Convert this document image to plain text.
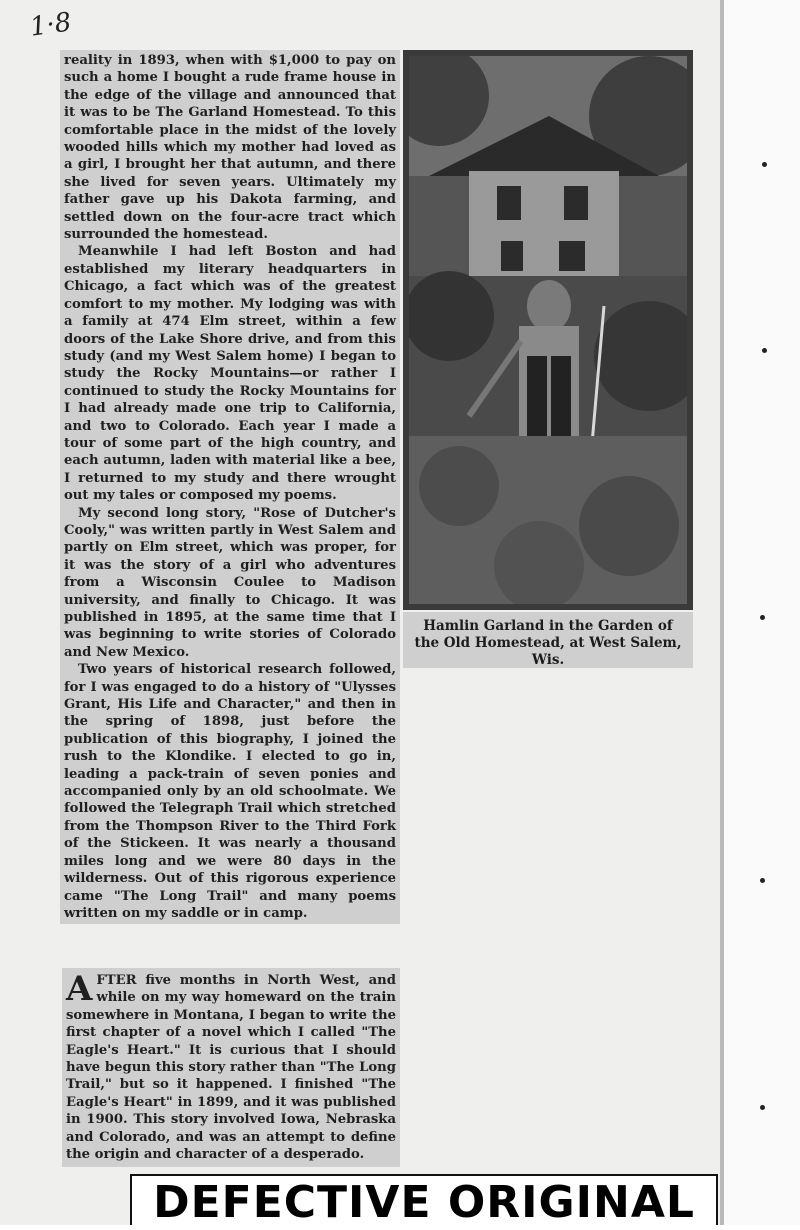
1·8

reality in 1893, when with $1,000 to pay on such a home I bought a rude frame house in the edge of the village and announced that it was to be The Garland Homestead. To this comfortable place in the midst of the lovely wooded hills which my mother had loved as a girl, I brought her that autumn, and there she lived for seven years. Ultimately my father gave up his Dakota farming, and settled down on the four-acre tract which surrounded the homestead.

Meanwhile I had left Boston and had established my literary headquarters in Chicago, a fact which was of the greatest comfort to my mother. My lodging was with a family at 474 Elm street, within a few doors of the Lake Shore drive, and from this study (and my West Salem home) I began to study the Rocky Mountains—or rather I continued to study the Rocky Mountains for I had already made one trip to California, and two to Colorado. Each year I made a tour of some part of the high country, and each autumn, laden with material like a bee, I returned to my study and there wrought out my tales or composed my poems.

My second long story, "Rose of Dutcher's Cooly," was written partly in West Salem and partly on Elm street, which was proper, for it was the story of a girl who adventures from a Wisconsin Coulee to Madison university, and finally to Chicago. It was published in 1895, at the same time that I was beginning to write stories of Colorado and New Mexico.

Two years of historical research followed, for I was engaged to do a history of "Ulysses Grant, His Life and Character," and then in the spring of 1898, just before the publication of this biography, I joined the rush to the Klondike. I elected to go in, leading a pack-train of seven ponies and accompanied only by an old schoolmate. We followed the Telegraph Trail which stretched from the Thompson River to the Third Fork of the Stickeen. It was nearly a thousand miles long and we were 80 days in the wilderness. Out of this rigorous experience came "The Long Trail" and many poems written on my saddle or in camp.

A FTER five months in North West, and while on my way homeward on the train somewhere in Montana, I began to write the first chapter of a novel which I called "The Eagle's Heart." It is curious that I should have begun this story rather than "The Long Trail," but so it happened. I finished "The Eagle's Heart" in 1899, and it was published in 1900. This story involved Iowa, Nebraska and Colorado, and was an attempt to define the origin and character of a desperado.

Hamlin Garland in the Garden of
the Old Homestead, at West Salem,
Wis.
DEFECTIVE ORIGINAL
